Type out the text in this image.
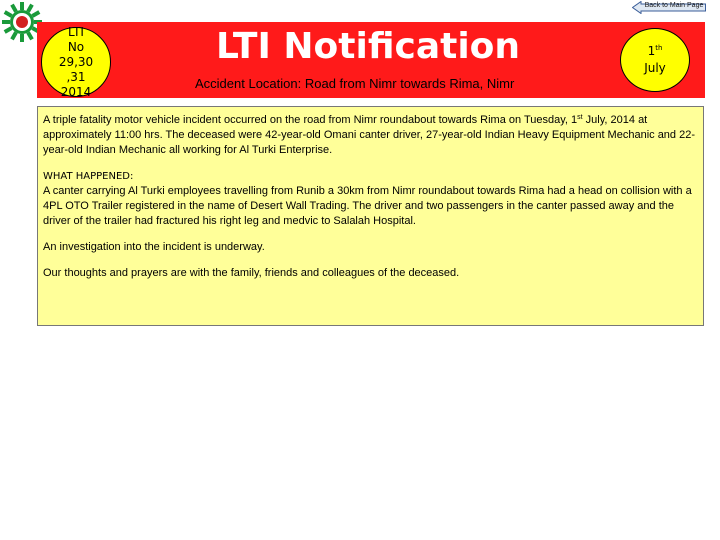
Back to Main Page
LTI
No 29,30
,31
2014
LTI Notification
Accident Location: Road from Nimr towards Rima, Nimr
1th
July

A triple fatality motor vehicle incident occurred on the road from Nimr roundabout towards Rima on Tuesday, 1st July, 2014 at approximately 11:00 hrs. The deceased were 42-year-old Omani canter driver, 27-year-old Indian Heavy Equipment Mechanic and 22-year-old Indian Mechanic all working for Al Turki Enterprise.

WHAT HAPPENED:
A canter carrying Al Turki employees travelling from Runib a 30km from Nimr roundabout towards Rima had a head on collision with a 4PL OTO Trailer registered in the name of Desert Wall Trading. The driver and two passengers in the canter passed away and the driver of the trailer had fractured his right leg and medvic to Salalah Hospital.

An investigation into the incident is underway.

Our thoughts and prayers are with the family, friends and colleagues of the deceased.
